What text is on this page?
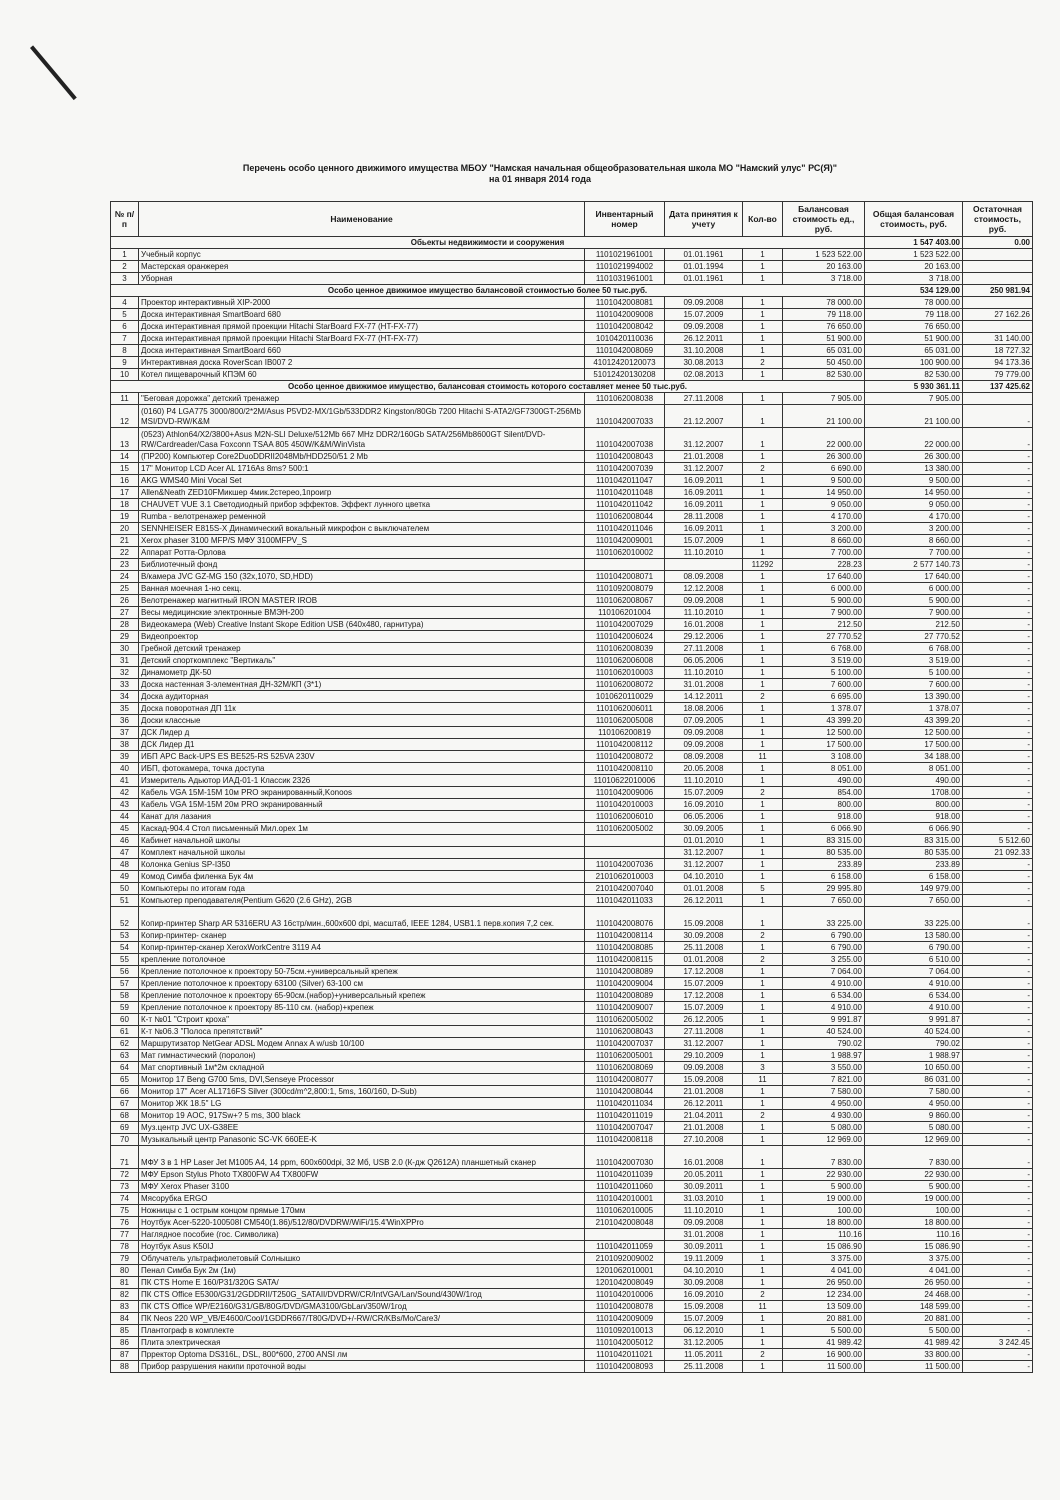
Перечень особо ценного движимого имущества МБОУ "Намская начальная общеобразовательная школа МО "Намский улус" РС(Я)"
на 01 января 2014 года
№ п/п	Наименование	Инвентарный номер	Дата принятия к учету	Кол-во	Балансовая стоимость ед., руб.	Общая балансовая стоимость, руб.	Остаточная стоимость, руб.
Обьекты недвижимости и сооружения						1 547 403.00	0.00
1	Учебный корпус	1101021961001	01.01.1961	1	1 523 522.00	1 523 522.00	
2	Мастерская оранжерея	1101021994002	01.01.1994	1	20 163.00	20 163.00	
3	Уборная	1101031961001	01.01.1961	1	3 718.00	3 718.00	
Особо ценное движимое имущество балансовой стоимостью более 50 тыс.руб.						534 129.00	250 981.94
4	Проектор интерактивный XIP-2000	1101042008081	09.09.2008	1	78 000.00	78 000.00	
5	Доска интерактивная SmartBoard 680	1101042009008	15.07.2009	1	79 118.00	79 118.00	27 162.26
6	Доска интерактивная прямой проекции Hitachi StarBoard FX-77 (HT-FX-77)	1101042008042	09.09.2008	1	76 650.00	76 650.00	
7	Доска интерактивная прямой проекции Hitachi StarBoard FX-77 (HT-FX-77)	1010420110036	26.12.2011	1	51 900.00	51 900.00	31 140.00
8	Доска интерактивная SmartBoard 660	1101042008069	31.10.2008	1	65 031.00	65 031.00	18 727.32
9	Интерактивная доска RoverScan IB007 2	41012420120073	30.08.2013	2	50 450.00	100 900.00	94 173.36
10	Котел пищеварочный КПЭМ 60	51012420130208	02.08.2013	1	82 530.00	82 530.00	79 779.00
Особо ценное движимое имущество, балансовая стоимость которого составляет менее 50 тыс.руб.						5 930 361.11	137 425.62
11	"Беговая дорожка" детский тренажер	1101062008038	27.11.2008	1	7 905.00	7 905.00	
12	(0160) P4 LGA775 3000/800/2*2M/Asus P5VD2-MX/1Gb/533DDR2 Kingston/80Gb 7200 Hitachi S-ATA2/GF7300GT-256Mb MSI/DVD-RW/K&M	1101042007033	21.12.2007	1	21 100.00	21 100.00	-
13	(0523) Athlon64/X2/3800+Asus M2N-SLI Deluxe/512Mb 667 MHz DDR2/160Gb SATA/256Mb8600GT Silent/DVD-RW/Cardreader/Casa Foxconn TSAA 805 450W/K&M/WinVista	1101042007038	31.12.2007	1	22 000.00	22 000.00	-
14	(ПР200) Компьютер Core2DuoDDRII2048Mb/HDD250/51 2 Mb	1101042008043	21.01.2008	1	26 300.00	26 300.00	-
15	17" Монитор LCD Acer AL 1716As 8ms? 500:1	1101042007039	31.12.2007	2	6 690.00	13 380.00	-
16	AKG WMS40 Mini Vocal Set	1101042011047	16.09.2011	1	9 500.00	9 500.00	-
17	Allen&Neath ZED10FМикшер 4мик.2стерео,1проигр	1101042011048	16.09.2011	1	14 950.00	14 950.00	-
18	CHAUVET VUE 3.1 Светодиодный прибор эффектов. Эффект лунного цветка	1101042011042	16.09.2011	1	9 050.00	9 050.00	-
19	Rumba - велотренажер ременной	1101062008044	28.11.2008	1	4 170.00	4 170.00	-
20	SENNHEISER E815S-X Динамический вокальный микрофон с выключателем	1101042011046	16.09.2011	1	3 200.00	3 200.00	-
21	Xerox phaser 3100 MFP/S МФУ 3100MFPV_S	1101042009001	15.07.2009	1	8 660.00	8 660.00	-
22	Аппарат Ротта-Орлова	1101062010002	11.10.2010	1	7 700.00	7 700.00	-
23	Библиотечный фонд			11292	228.23	2 577 140.73	-
24	В/камера JVC GZ-MG 150 (32x,1070, SD,HDD)	1101042008071	08.09.2008	1	17 640.00	17 640.00	-
25	Ванная моечная 1-но секц.	1101092008079	12.12.2008	1	6 000.00	6 000.00	-
26	Велотренажер магнитный IRON MASTER IROB	1101062008067	09.09.2008	1	5 900.00	5 900.00	-
27	Весы медицинские электронные ВМЭН-200	110106201004	11.10.2010	1	7 900.00	7 900.00	-
28	Видеокамера (Web) Creative Instant Skope Edition USB (640x480, гарнитура)	1101042007029	16.01.2008	1	212.50	212.50	-
29	Видеопроектор	1101042006024	29.12.2006	1	27 770.52	27 770.52	-
30	Гребной детский тренажер	1101062008039	27.11.2008	1	6 768.00	6 768.00	-
31	Детский спорткомплекс "Вертикаль"	1101062006008	06.05.2006	1	3 519.00	3 519.00	-
32	Динамометр ДК-50	1101062010003	11.10.2010	1	5 100.00	5 100.00	-
33	Доска настенная 3-элементная ДН-32М/КП (3*1)	1101062008072	31.01.2008	1	7 600.00	7 600.00	-
34	Доска аудиторная	1010620110029	14.12.2011	2	6 695.00	13 390.00	-
35	Доска поворотная ДП 11к	1101062006011	18.08.2006	1	1 378.07	1 378.07	-
36	Доски классные	1101062005008	07.09.2005	1	43 399.20	43 399.20	-
37	ДСК Лидер д	110106200819	09.09.2008	1	12 500.00	12 500.00	-
38	ДСК Лидер Д1	1101042008112	09.09.2008	1	17 500.00	17 500.00	-
39	ИБП APC Back-UPS ES BE525-RS 525VA 230V	1101042008072	08.09.2008	11	3 108.00	34 188.00	-
40	ИБП, фотокамера, точка доступа	1101042008110	20.05.2008	1	8 051.00	8 051.00	-
41	Измеритель Адьютор ИАД-01-1 Классик 2326	11010622010006	11.10.2010	1	490.00	490.00	-
42	Кабель VGA 15М-15М 10м PRO экранированный,Konoos	1101042009006	15.07.2009	2	854.00	1708.00	-
43	Кабель VGA 15М-15М 20м PRO экранированный	1101042010003	16.09.2010	1	800.00	800.00	-
44	Канат для лазания	1101062006010	06.05.2006	1	918.00	918.00	-
45	Каскад-904.4 Стол письменный Мил.орех 1м	1101062005002	30.09.2005	1	6 066.90	6 066.90	-
46	Кабинет начальной школы		01.01.2010	1	83 315.00	83 315.00	5 512.60
47	Комплект начальной школы		31.12.2007	1	80 535.00	80 535.00	21 092.33
48	Колонка Genius SP-I350	1101042007036	31.12.2007	1	233.89	233.89	-
49	Комод Симба филенка Бук 4м	2101062010003	04.10.2010	1	6 158.00	6 158.00	-
50	Компьютеры по итогам года	2101042007040	01.01.2008	5	29 995.80	149 979.00	-
51	Компьютер преподавателя(Pentium G620 (2.6 GHz), 2GB	1101042011033	26.12.2011	1	7 650.00	7 650.00	-
52	Копир-принтер Sharp AR 5316ERU A3 16стр/мин.,600x600 dpi, масштаб, IEEE 1284, USB1.1 перв.копия 7,2 сек.	1101042008076	15.09.2008	1	33 225.00	33 225.00	-
53	Копир-принтер- сканер	1101042008114	30.09.2008	2	6 790.00	13 580.00	-
54	Копир-принтер-сканер XeroxWorkCentre 3119 A4	1101042008085	25.11.2008	1	6 790.00	6 790.00	-
55	крепление потолочное	1101042008115	01.01.2008	2	3 255.00	6 510.00	-
56	Крепление потолочное к проектору 50-75см.+универсальный крепеж	1101042008089	17.12.2008	1	7 064.00	7 064.00	-
57	Крепление потолочное к проектору 63100 (Silver) 63-100 см	1101042009004	15.07.2009	1	4 910.00	4 910.00	-
58	Крепление потолочное к проектору 65-90см.(набор)+универсальный крепеж	1101042008089	17.12.2008	1	6 534.00	6 534.00	-
59	Крепление потолочное к проектору 85-110 см. (набор)+крепеж	1101042009007	15.07.2009	1	4 910.00	4 910.00	-
60	К-т №01 "Строит кроха"	1101062005002	26.12.2005	1	9 991.87	9 991.87	-
61	К-т №06.3 "Полоса препятствий"	1101062008043	27.11.2008	1	40 524.00	40 524.00	-
62	Маршрутизатор NetGear ADSL Модем Annax A w/usb 10/100	1101042007037	31.12.2007	1	790.02	790.02	-
63	Мат гимнастический (поролон)	1101062005001	29.10.2009	1	1 988.97	1 988.97	-
64	Мат спортивный 1м*2м складной	1101062008069	09.09.2008	3	3 550.00	10 650.00	-
65	Монитор 17 Beng G700 5ms, DVI,Senseye Processor	1101042008077	15.09.2008	11	7 821.00	86 031.00	-
66	Монитор 17" Acer AL1716FS Silver (300cd/m^2,800:1, 5ms, 160/160, D-Sub)	1101042008044	21.01.2008	1	7 580.00	7 580.00	-
67	Монитор ЖК 18.5" LG	1101042011034	26.12.2011	1	4 950.00	4 950.00	-
68	Монитор 19 AOC, 917Sw+? 5 ms, 300 black	1101042011019	21.04.2011	2	4 930.00	9 860.00	-
69	Муз.центр JVC UX-G38EE	1101042007047	21.01.2008	1	5 080.00	5 080.00	-
70	Музыкальный центр Panasonic SC-VK 660EE-K	1101042008118	27.10.2008	1	12 969.00	12 969.00	-
71	МФУ 3 в 1 HP Laser Jet M1005 A4, 14 ppm, 600x600dpi, 32 Мб, USB 2.0 (К-дж Q2612A) планшетный сканер	1101042007030	16.01.2008	1	7 830.00	7 830.00	-
72	МФУ Epson Stylus Photo TX800FW A4 TX800FW	1101042011039	20.05.2011	1	22 930.00	22 930.00	-
73	МФУ Xerox Phaser 3100	1101042011060	30.09.2011	1	5 900.00	5 900.00	-
74	Мясорубка ERGO	1101042010001	31.03.2010	1	19 000.00	19 000.00	-
75	Ножницы с 1 острым концом прямые 170мм	1101062010005	11.10.2010	1	100.00	100.00	-
76	Ноутбук Acer-5220-100508I CM540(1.86)/512/80/DVDRW/WiFi/15.4'WinXPPro	2101042008048	09.09.2008	1	18 800.00	18 800.00	-
77	Наглядное пособие (гос. Символика)		31.01.2008	1	110.16	110.16	-
78	Ноутбук Asus K50IJ	1101042011059	30.09.2011	1	15 086.90	15 086.90	-
79	Облучатель ультрафиолетовый Солнышко	2101092009002	19.11.2009	1	3 375.00	3 375.00	-
80	Пенал Симба Бук 2м (1м)	1201062010001	04.10.2010	1	4 041.00	4 041.00	-
81	ПК CTS Home E 160/P31/320G SATA/	1201042008049	30.09.2008	1	26 950.00	26 950.00	-
82	ПК CTS Office E5300/G31/2GDDRII/T250G_SATAII/DVDRW/CR/IntVGA/Lan/Sound/430W/1год	1101042010006	16.09.2010	2	12 234.00	24 468.00	-
83	ПК CTS Office WP/E2160/G31/GB/80G/DVD/GMA3100/GbLan/350W/1год	1101042008078	15.09.2008	11	13 509.00	148 599.00	-
84	ПК Neos 220 WP_VB/E4600/Cool/1GDDR667/T80G/DVD+/-RW/CR/KBs/Mo/Care3/	1101042009009	15.07.2009	1	20 881.00	20 881.00	-
85	Плантограф в комплекте	1101092010013	06.12.2010	1	5 500.00	5 500.00	-
86	Плита электрическая	1101042005012	31.12.2005	1	41 989.42	41 989.42	3 242.45
87	Прректор Optoma DS316L, DSL, 800*600, 2700 ANSI лм	1101042011021	11.05.2011	2	16 900.00	33 800.00	-
88	Прибор разрушения накипи проточной воды	1101042008093	25.11.2008	1	11 500.00	11 500.00	-
